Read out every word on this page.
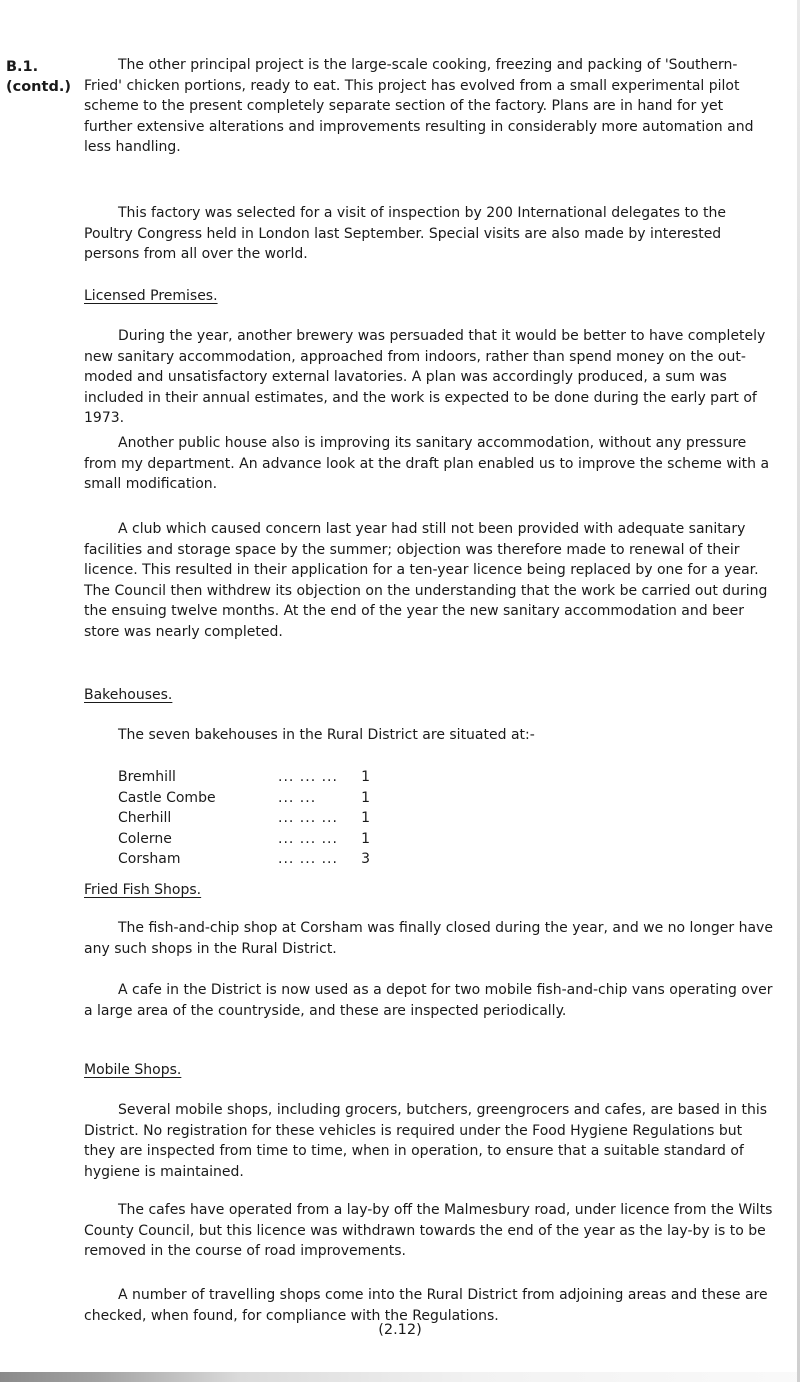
B.1.
(contd.)

The other principal project is the large-scale cooking, freezing and packing of 'Southern-Fried' chicken portions, ready to eat. This project has evolved from a small experimental pilot scheme to the present completely separate section of the factory. Plans are in hand for yet further extensive alterations and improvements resulting in considerably more automation and less handling.

This factory was selected for a visit of inspection by 200 International delegates to the Poultry Congress held in London last September. Special visits are also made by interested persons from all over the world.

Licensed Premises.

During the year, another brewery was persuaded that it would be better to have completely new sanitary accommodation, approached from indoors, rather than spend money on the out-moded and unsatisfactory external lavatories. A plan was accordingly produced, a sum was included in their annual estimates, and the work is expected to be done during the early part of 1973.

Another public house also is improving its sanitary accommodation, without any pressure from my department. An advance look at the draft plan enabled us to improve the scheme with a small modification.

A club which caused concern last year had still not been provided with adequate sanitary facilities and storage space by the summer; objection was therefore made to renewal of their licence. This resulted in their application for a ten-year licence being replaced by one for a year. The Council then withdrew its objection on the understanding that the work be carried out during the ensuing twelve months. At the end of the year the new sanitary accommodation and beer store was nearly completed.

Bakehouses.

The seven bakehouses in the Rural District are situated at:-

Bremhill	... ... ...	1
Castle Combe	... ...	1
Cherhill	... ... ...	1
Colerne	... ... ...	1
Corsham	... ... ...	3
Fried Fish Shops.

The fish-and-chip shop at Corsham was finally closed during the year, and we no longer have any such shops in the Rural District.

A cafe in the District is now used as a depot for two mobile fish-and-chip vans operating over a large area of the countryside, and these are inspected periodically.

Mobile Shops.

Several mobile shops, including grocers, butchers, greengrocers and cafes, are based in this District. No registration for these vehicles is required under the Food Hygiene Regulations but they are inspected from time to time, when in operation, to ensure that a suitable standard of hygiene is maintained.

The cafes have operated from a lay-by off the Malmesbury road, under licence from the Wilts County Council, but this licence was withdrawn towards the end of the year as the lay-by is to be removed in the course of road improvements.

A number of travelling shops come into the Rural District from adjoining areas and these are checked, when found, for compliance with the Regulations.

(2.12)
